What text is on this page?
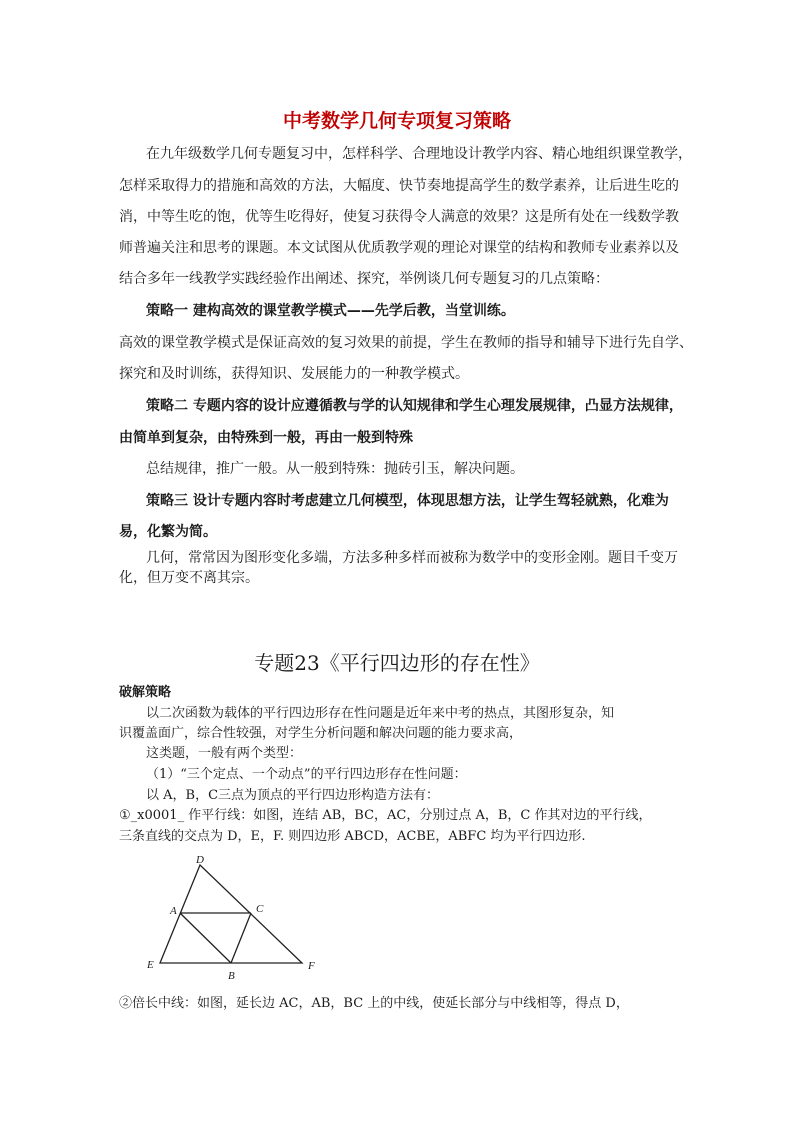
中考数学几何专项复习策略
在九年级数学几何专题复习中，怎样科学、合理地设计教学内容、精心地组织课堂教学，
怎样采取得力的措施和高效的方法，大幅度、快节奏地提高学生的数学素养，让后进生吃的
消，中等生吃的饱，优等生吃得好，使复习获得令人满意的效果？这是所有处在一线数学教
师普遍关注和思考的课题。本文试图从优质教学观的理论对课堂的结构和教师专业素养以及
结合多年一线教学实践经验作出阐述、探究，举例谈几何专题复习的几点策略：
策略一 建构高效的课堂教学模式——先学后教，当堂训练。
高效的课堂教学模式是保证高效的复习效果的前提，学生在教师的指导和辅导下进行先自学、
探究和及时训练，获得知识、发展能力的一种教学模式。
策略二 专题内容的设计应遵循教与学的认知规律和学生心理发展规律，凸显方法规律，
由简单到复杂，由特殊到一般，再由一般到特殊
总结规律，推广一般。从一般到特殊：抛砖引玉，解决问题。
策略三 设计专题内容时考虑建立几何模型，体现思想方法，让学生驾轻就熟，化难为
易，化繁为简。
几何，常常因为图形变化多端，方法多种多样而被称为数学中的变形金刚。题目千变万
化，但万变不离其宗。
专题23《平行四边形的存在性》
破解策略
以二次函数为载体的平行四边形存在性问题是近年来中考的热点，其图形复杂，知
识覆盖面广，综合性较强，对学生分析问题和解决问题的能力要求高，
这类题，一般有两个类型：
（1）“三个定点、一个动点”的平行四边形存在性问题：
以 A，B，C三点为顶点的平行四边形构造方法有：
①_x0001_ 作平行线：如图，连结 AB，BC，AC，分别过点 A，B，C 作其对边的平行线，
三条直线的交点为 D，E，F. 则四边形 ABCD，ACBE，ABFC 均为平行四边形.
D
A	C
E
B
F
②倍长中线：如图，延长边 AC，AB，BC 上的中线，使延长部分与中线相等，得点 D，
